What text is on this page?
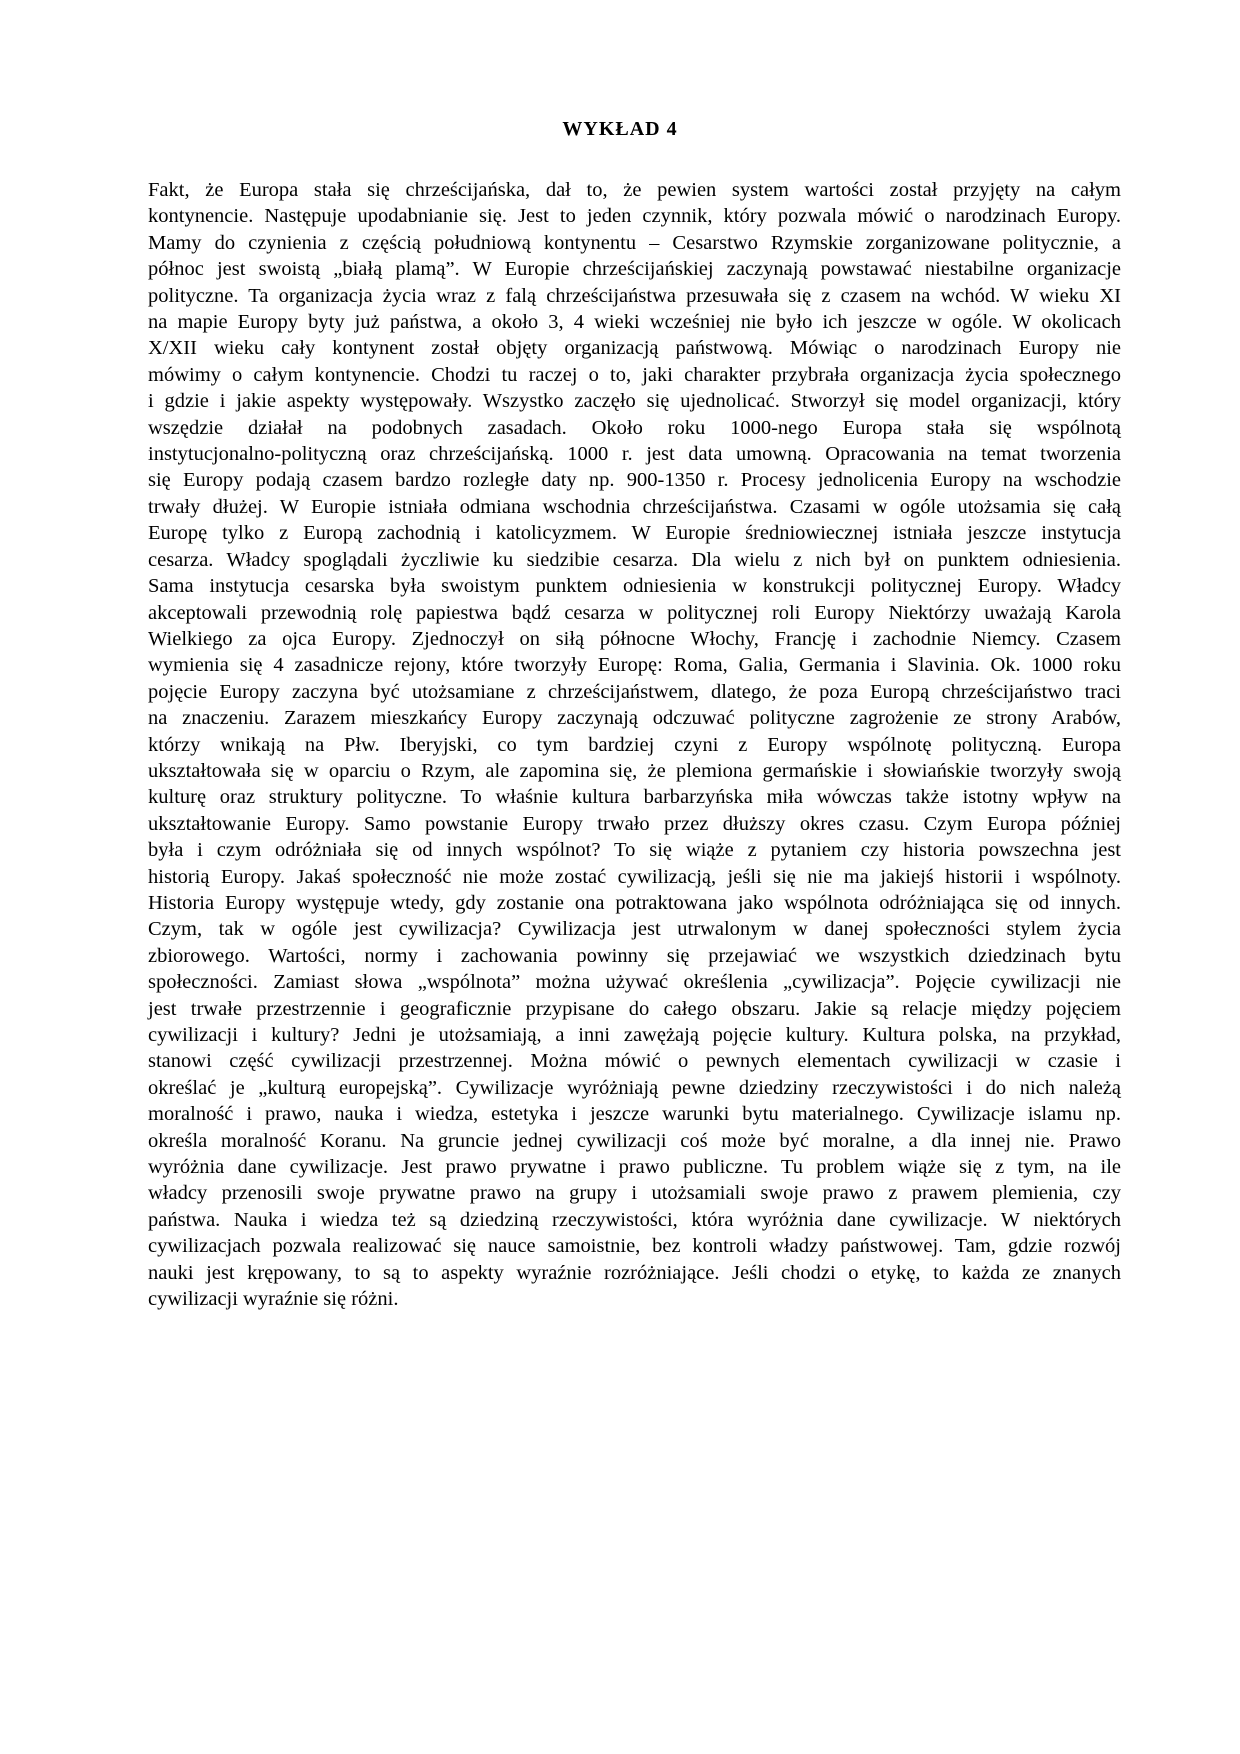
WYKŁAD 4
Fakt, że Europa stała się chrześcijańska, dał to, że pewien system wartości został przyjęty na całym
kontynencie. Następuje upodabnianie się. Jest to jeden czynnik, który pozwala mówić o narodzinach Europy.
Mamy do czynienia z częścią południową kontynentu – Cesarstwo Rzymskie zorganizowane politycznie, a
północ jest swoistą „białą plamą”. W Europie chrześcijańskiej zaczynają powstawać niestabilne organizacje
polityczne. Ta organizacja życia wraz z falą chrześcijaństwa przesuwała się z czasem na wchód. W wieku XI
na mapie Europy byty już państwa, a około 3, 4 wieki wcześniej nie było ich jeszcze w ogóle. W okolicach
X/XII wieku cały kontynent został objęty organizacją państwową. Mówiąc o narodzinach Europy nie
mówimy o całym kontynencie. Chodzi tu raczej o to, jaki charakter przybrała organizacja życia społecznego
i gdzie i jakie aspekty występowały. Wszystko zaczęło się ujednolicać. Stworzył się model organizacji, który
wszędzie działał na podobnych zasadach. Około roku 1000-nego Europa stała się wspólnotą
instytucjonalno-polityczną oraz chrześcijańską. 1000 r. jest data umowną. Opracowania na temat tworzenia
się Europy podają czasem bardzo rozległe daty np. 900-1350 r. Procesy jednolicenia Europy na wschodzie
trwały dłużej. W Europie istniała odmiana wschodnia chrześcijaństwa. Czasami w ogóle utożsamia się całą
Europę tylko z Europą zachodnią i katolicyzmem. W Europie średniowiecznej istniała jeszcze instytucja
cesarza. Władcy spoglądali życzliwie ku siedzibie cesarza. Dla wielu z nich był on punktem odniesienia.
Sama instytucja cesarska była swoistym punktem odniesienia w konstrukcji politycznej Europy. Władcy
akceptowali przewodnią rolę papiestwa bądź cesarza w politycznej roli Europy Niektórzy uważają Karola
Wielkiego za ojca Europy. Zjednoczył on siłą północne Włochy, Francję i zachodnie Niemcy. Czasem
wymienia się 4 zasadnicze rejony, które tworzyły Europę: Roma, Galia, Germania i Slavinia. Ok. 1000 roku
pojęcie Europy zaczyna być utożsamiane z chrześcijaństwem, dlatego, że poza Europą chrześcijaństwo traci
na znaczeniu. Zarazem mieszkańcy Europy zaczynają odczuwać polityczne zagrożenie ze strony Arabów,
którzy wnikają na Płw. Iberyjski, co tym bardziej czyni z Europy wspólnotę polityczną. Europa
ukształtowała się w oparciu o Rzym, ale zapomina się, że plemiona germańskie i słowiańskie tworzyły swoją
kulturę oraz struktury polityczne. To właśnie kultura barbarzyńska miła wówczas także istotny wpływ na
ukształtowanie Europy. Samo powstanie Europy trwało przez dłuższy okres czasu. Czym Europa później
była i czym odróżniała się od innych wspólnot? To się wiąże z pytaniem czy historia powszechna jest
historią Europy. Jakaś społeczność nie może zostać cywilizacją, jeśli się nie ma jakiejś historii i wspólnoty.
Historia Europy występuje wtedy, gdy zostanie ona potraktowana jako wspólnota odróżniająca się od innych.
Czym, tak w ogóle jest cywilizacja? Cywilizacja jest utrwalonym w danej społeczności stylem życia
zbiorowego. Wartości, normy i zachowania powinny się przejawiać we wszystkich dziedzinach bytu
społeczności. Zamiast słowa „wspólnota” można używać określenia „cywilizacja”. Pojęcie cywilizacji nie
jest trwałe przestrzennie i geograficznie przypisane do całego obszaru. Jakie są relacje między pojęciem
cywilizacji i kultury? Jedni je utożsamiają, a inni zawężają pojęcie kultury. Kultura polska, na przykład,
stanowi część cywilizacji przestrzennej. Można mówić o pewnych elementach cywilizacji w czasie i
określać je „kulturą europejską”. Cywilizacje wyróżniają pewne dziedziny rzeczywistości i do nich należą
moralność i prawo, nauka i wiedza, estetyka i jeszcze warunki bytu materialnego. Cywilizacje islamu np.
określa moralność Koranu. Na gruncie jednej cywilizacji coś może być moralne, a dla innej nie. Prawo
wyróżnia dane cywilizacje. Jest prawo prywatne i prawo publiczne. Tu problem wiąże się z tym, na ile
władcy przenosili swoje prywatne prawo na grupy i utożsamiali swoje prawo z prawem plemienia, czy
państwa. Nauka i wiedza też są dziedziną rzeczywistości, która wyróżnia dane cywilizacje. W niektórych
cywilizacjach pozwala realizować się nauce samoistnie, bez kontroli władzy państwowej. Tam, gdzie rozwój
nauki jest krępowany, to są to aspekty wyraźnie rozróżniające. Jeśli chodzi o etykę, to każda ze znanych
cywilizacji wyraźnie się różni.
